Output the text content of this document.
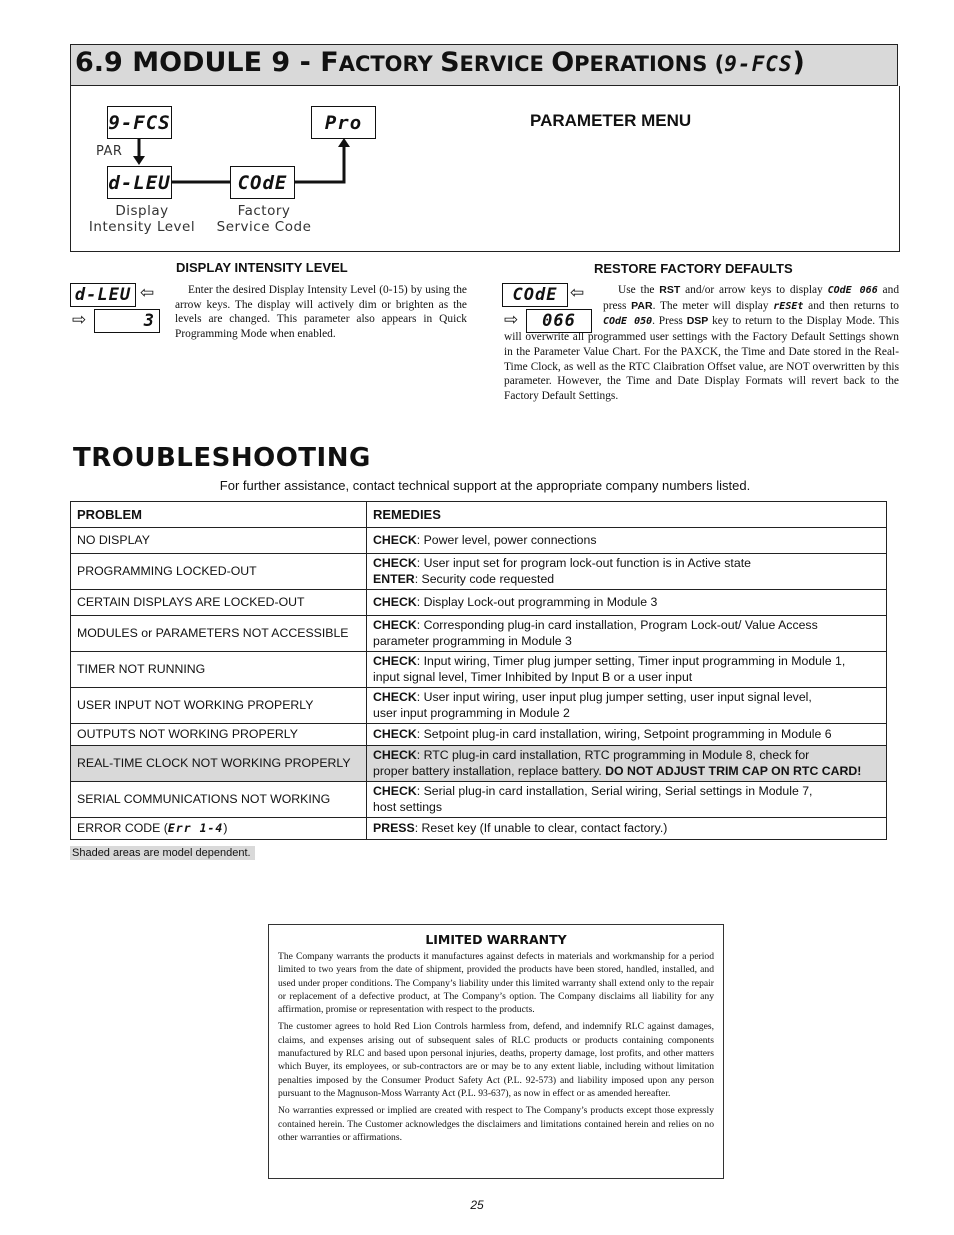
6.9 MODULE 9 - FACTORY SERVICE OPERATIONS (9-FCS)
9-FCS
PAR
d-LEU	COdE
Pro
Display
Intensity Level
Factory
Service Code
PARAMETER MENU
DISPLAY INTENSITY LEVEL
d-LEU ⇦
⇨	3
Enter the desired Display Intensity Level (0-15) by using the arrow keys. The display will actively dim or brighten as the levels are changed. This parameter also appears in Quick Programming Mode when enabled.
RESTORE FACTORY DEFAULTS
COdE ⇦
⇨	066
Use the RST and/or arrow keys to display COdE 066 and press PAR. The meter will display rESEt and then returns to COdE 050. Press DSP key to return to the Display Mode. This will overwrite all programmed user settings with the Factory Default Settings shown in the Parameter Value Chart. For the PAXCK, the Time and Date stored in the Real-Time Clock, as well as the RTC Claibration Offset value, are NOT overwritten by this parameter. However, the Time and Date Display Formats will revert back to the Factory Default Settings.
TROUBLESHOOTING
For further assistance, contact technical support at the appropriate company numbers listed.
PROBLEM	REMEDIES
NO DISPLAY	CHECK: Power level, power connections
PROGRAMMING LOCKED-OUT	CHECK: User input set for program lock-out function is in Active state
ENTER: Security code requested
CERTAIN DISPLAYS ARE LOCKED-OUT	CHECK: Display Lock-out programming in Module 3
MODULES or PARAMETERS NOT ACCESSIBLE	CHECK: Corresponding plug-in card installation, Program Lock-out/ Value Access
parameter programming in Module 3
TIMER NOT RUNNING	CHECK: Input wiring, Timer plug jumper setting, Timer input programming in Module 1,
input signal level, Timer Inhibited by Input B or a user input
USER INPUT NOT WORKING PROPERLY	CHECK: User input wiring, user input plug jumper setting, user input signal level,
user input programming in Module 2
OUTPUTS NOT WORKING PROPERLY	CHECK: Setpoint plug-in card installation, wiring, Setpoint programming in Module 6
REAL-TIME CLOCK NOT WORKING PROPERLY	CHECK: RTC plug-in card installation, RTC programming in Module 8, check for
proper battery installation, replace battery. DO NOT ADJUST TRIM CAP ON RTC CARD!
SERIAL COMMUNICATIONS NOT WORKING	CHECK: Serial plug-in card installation, Serial wiring, Serial settings in Module 7,
host settings
ERROR CODE (Err 1-4)	PRESS: Reset key (If unable to clear, contact factory.)
Shaded areas are model dependent.
LIMITED WARRANTY

The Company warrants the products it manufactures against defects in materials and workmanship for a period limited to two years from the date of shipment, provided the products have been stored, handled, installed, and used under proper conditions. The Company’s liability under this limited warranty shall extend only to the repair or replacement of a defective product, at The Company’s option. The Company disclaims all liability for any affirmation, promise or representation with respect to the products.

The customer agrees to hold Red Lion Controls harmless from, defend, and indemnify RLC against damages, claims, and expenses arising out of subsequent sales of RLC products or products containing components manufactured by RLC and based upon personal injuries, deaths, property damage, lost profits, and other matters which Buyer, its employees, or sub-contractors are or may be to any extent liable, including without limitation penalties imposed by the Consumer Product Safety Act (P.L. 92-573) and liability imposed upon any person pursuant to the Magnuson-Moss Warranty Act (P.L. 93-637), as now in effect or as amended hereafter.

No warranties expressed or implied are created with respect to The Company’s products except those expressly contained herein. The Customer acknowledges the disclaimers and limitations contained herein and relies on no other warranties or affirmations.

25
